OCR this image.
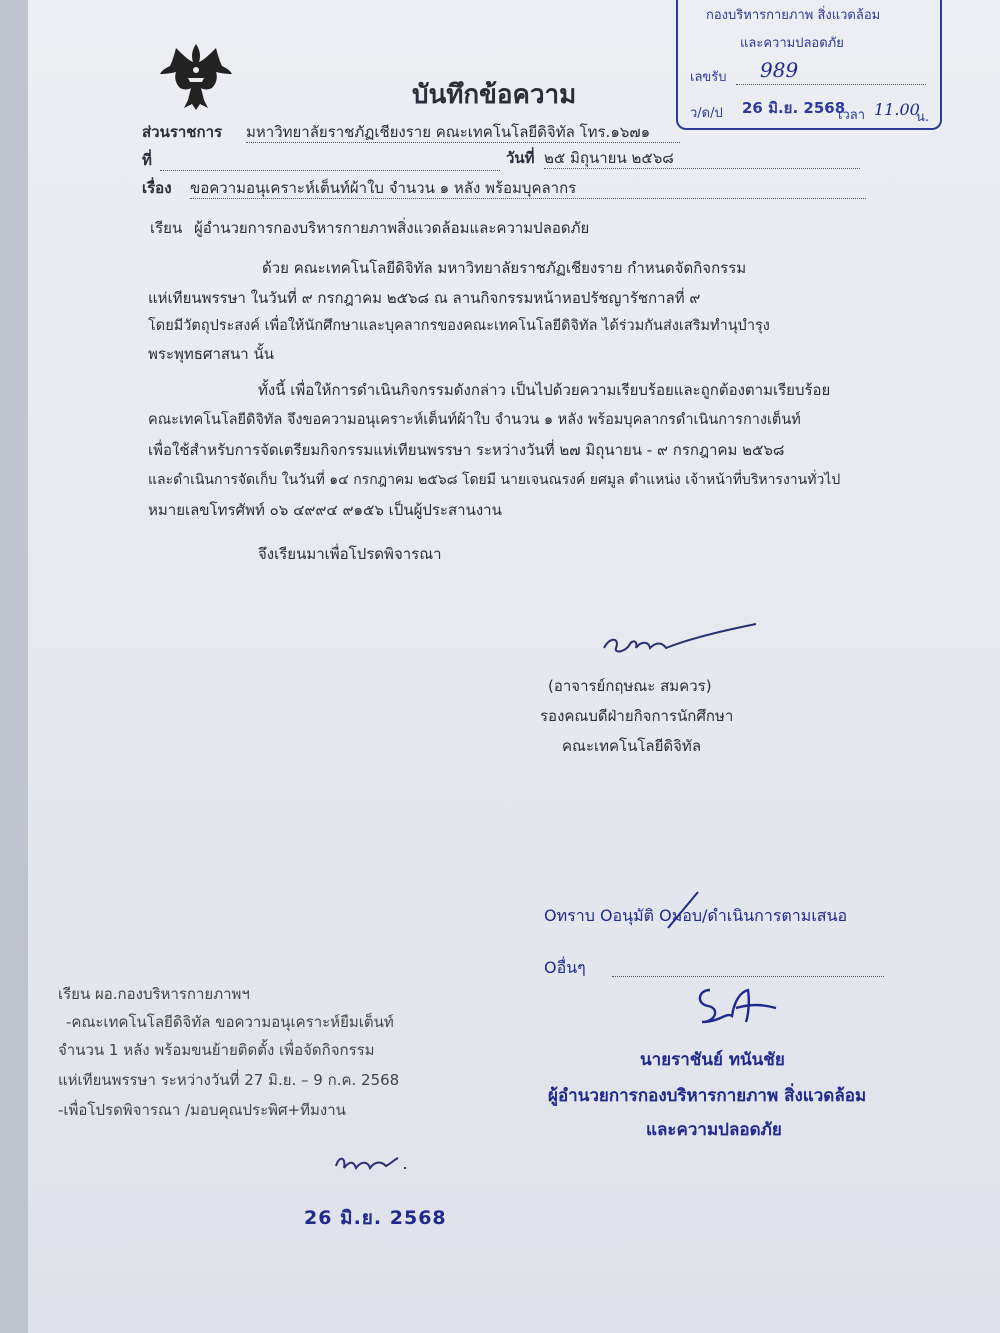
บันทึกข้อความ
กองบริหารกายภาพ สิ่งแวดล้อม
และความปลอดภัย
เลขรับ 989
ว/ด/ป 26 มิ.ย. 2568
เวลา 11.00
น.
ส่วนราชการ มหาวิทยาลัยราชภัฏเชียงราย คณะเทคโนโลยีดิจิทัล โทร.๑๖๗๑
ที่	วันที่ ๒๕ มิถุนายน ๒๕๖๘
เรื่อง ขอความอนุเคราะห์เต็นท์ผ้าใบ จำนวน ๑ หลัง พร้อมบุคลากร
เรียน ผู้อำนวยการกองบริหารกายภาพสิ่งแวดล้อมและความปลอดภัย
ด้วย คณะเทคโนโลยีดิจิทัล มหาวิทยาลัยราชภัฏเชียงราย กำหนดจัดกิจกรรม
แห่เทียนพรรษา ในวันที่ ๙ กรกฎาคม ๒๕๖๘ ณ ลานกิจกรรมหน้าหอปรัชญารัชกาลที่ ๙
โดยมีวัตถุประสงค์ เพื่อให้นักศึกษาและบุคลากรของคณะเทคโนโลยีดิจิทัล ได้ร่วมกันส่งเสริมทำนุบำรุง
พระพุทธศาสนา นั้น
ทั้งนี้ เพื่อให้การดำเนินกิจกรรมดังกล่าว เป็นไปด้วยความเรียบร้อยและถูกต้องตามเรียบร้อย
คณะเทคโนโลยีดิจิทัล จึงขอความอนุเคราะห์เต็นท์ผ้าใบ จำนวน ๑ หลัง พร้อมบุคลากรดำเนินการกางเต็นท์
เพื่อใช้สำหรับการจัดเตรียมกิจกรรมแห่เทียนพรรษา ระหว่างวันที่ ๒๗ มิถุนายน - ๙ กรกฎาคม ๒๕๖๘
และดำเนินการจัดเก็บ ในวันที่ ๑๔ กรกฎาคม ๒๕๖๘ โดยมี นายเจนณรงค์ ยศมูล ตำแหน่ง เจ้าหน้าที่บริหารงานทั่วไป
หมายเลขโทรศัพท์ ๐๖ ๔๙๙๔ ๙๑๕๖ เป็นผู้ประสานงาน
จึงเรียนมาเพื่อโปรดพิจารณา
(อาจารย์กฤษณะ สมควร)
รองคณบดีฝ่ายกิจการนักศึกษา
คณะเทคโนโลยีดิจิทัล
Oทราบ Oอนุมัติ Oมอบ/ดำเนินการตามเสนอ
Oอื่นๆ
นายราชันย์ ทนันชัย
ผู้อำนวยการกองบริหารกายภาพ สิ่งแวดล้อม
และความปลอดภัย
เรียน ผอ.กองบริหารกายภาพฯ
-คณะเทคโนโลยีดิจิทัล ขอความอนุเคราะห์ยืมเต็นท์
จำนวน 1 หลัง พร้อมขนย้ายติดตั้ง เพื่อจัดกิจกรรม
แห่เทียนพรรษา ระหว่างวันที่ 27 มิ.ย. – 9 ก.ค. 2568
-เพื่อโปรดพิจารณา /มอบคุณประพิศ+ทีมงาน
26 มิ.ย. 2568
